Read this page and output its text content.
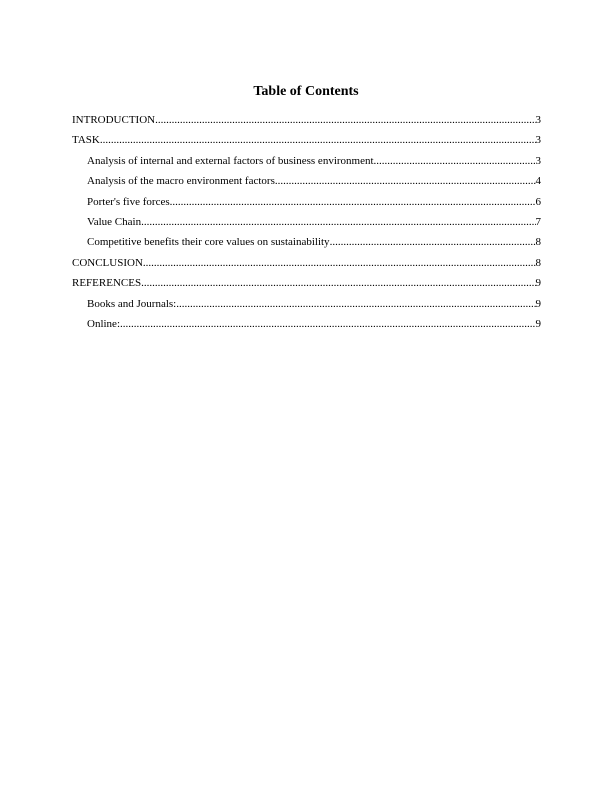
Table of Contents
INTRODUCTION .....	3
TASK .....	3
Analysis of internal and external factors of business environment .....	3
Analysis of the macro environment factors .....	4
Porter's five forces .....	6
Value Chain .....	7
Competitive benefits their core values on sustainability .....	8
CONCLUSION .....	8
REFERENCES .....	9
Books and Journals: .....	9
Online: .....	9
